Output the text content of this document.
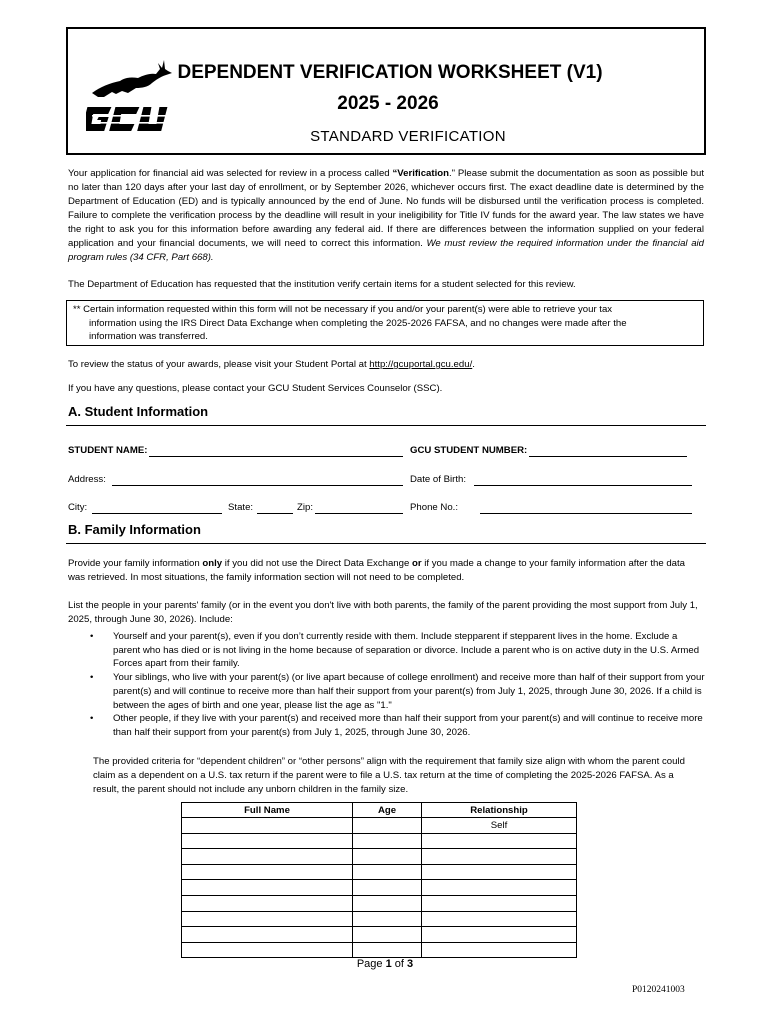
DEPENDENT VERIFICATION WORKSHEET (V1)
2025 - 2026
STANDARD VERIFICATION
Your application for financial aid was selected for review in a process called “Verification." Please submit the documentation as soon as possible but no later than 120 days after your last day of enrollment, or by September 2026, whichever occurs first. The exact deadline date is determined by the Department of Education (ED) and is typically announced by the end of June. No funds will be disbursed until the verification process is completed. Failure to complete the verification process by the deadline will result in your ineligibility for Title IV funds for the award year. The law states we have the right to ask you for this information before awarding any federal aid. If there are differences between the information supplied on your federal application and your financial documents, we will need to correct this information. We must review the required information under the financial aid program rules (34 CFR, Part 668).
The Department of Education has requested that the institution verify certain items for a student selected for this review.
** Certain information requested within this form will not be necessary if you and/or your parent(s) were able to retrieve your tax
information using the IRS Direct Data Exchange when completing the 2025-2026 FAFSA, and no changes were made after the
information was transferred.
To review the status of your awards, please visit your Student Portal at http://gcuportal.gcu.edu/.
If you have any questions, please contact your GCU Student Services Counselor (SSC).
A. Student Information
STUDENT NAME:	GCU STUDENT NUMBER:
Address:	Date of Birth:
City:	State:	Zip:	Phone No.:
B. Family Information
Provide your family information only if you did not use the Direct Data Exchange or if you made a change to your family information after the data was retrieved. In most situations, the family information section will not need to be completed.
List the people in your parents' family (or in the event you don't live with both parents, the family of the parent providing the most support from July 1, 2025, through June 30, 2026). Include:
• Yourself and your parent(s), even if you don’t currently reside with them. Include stepparent if stepparent lives in the home. Exclude a parent who has died or is not living in the home because of separation or divorce. Include a parent who is on active duty in the U.S. Armed Forces apart from their family.
• Your siblings, who live with your parent(s) (or live apart because of college enrollment) and receive more than half of their support from your parent(s) and will continue to receive more than half their support from your parent(s) from July 1, 2025, through June 30, 2026. If a child is between the ages of birth and one year, please list the age as "1."
• Other people, if they live with your parent(s) and received more than half their support from your parent(s) and will continue to receive more than half their support from your parent(s) from July 1, 2025, through June 30, 2026.
The provided criteria for “dependent children” or “other persons” align with the requirement that family size align with whom the parent could claim as a dependent on a U.S. tax return if the parent were to file a U.S. tax return at the time of completing the 2025-2026 FAFSA. As a result, the parent should not include any unborn children in the family size.
Full Name	Age	Relationship
		Self

Page 1 of 3
P0120241003
